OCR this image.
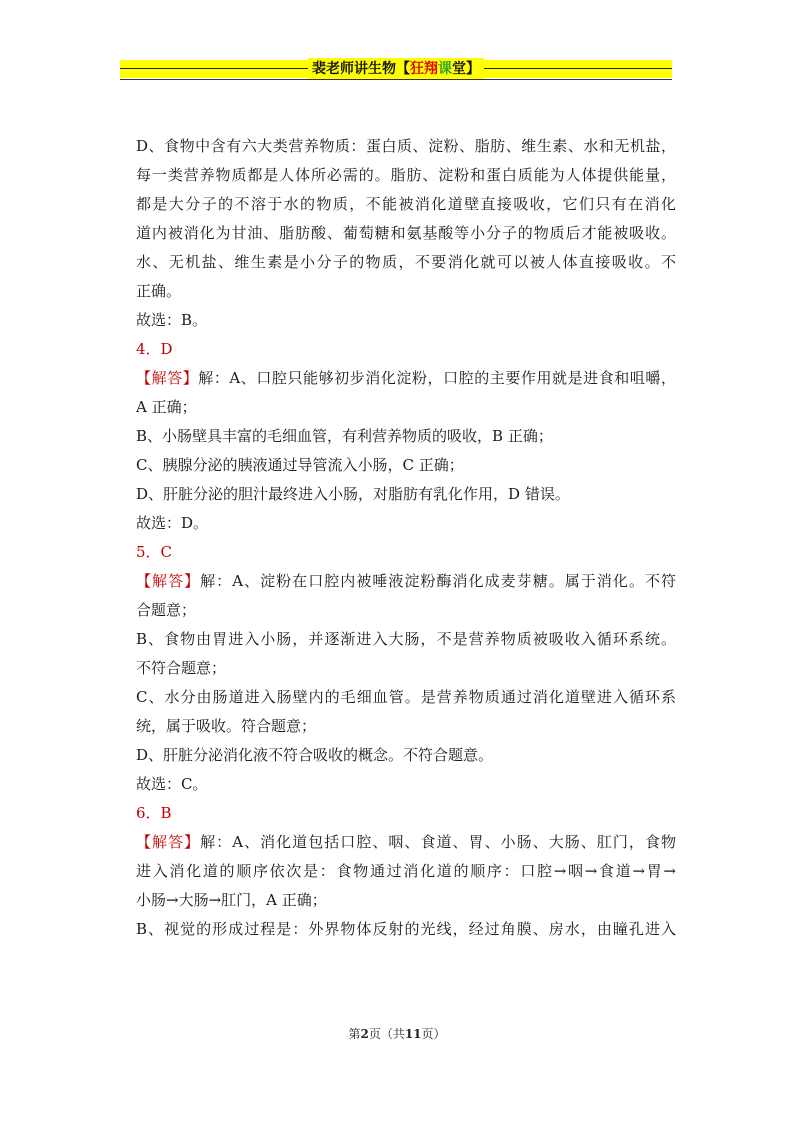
裴老师讲生物【狂翔课堂】
D、食物中含有六大类营养物质：蛋白质、淀粉、脂肪、维生素、水和无机盐，
每一类营养物质都是人体所必需的。脂肪、淀粉和蛋白质能为人体提供能量，
都是大分子的不溶于水的物质，不能被消化道壁直接吸收，它们只有在消化
道内被消化为甘油、脂肪酸、葡萄糖和氨基酸等小分子的物质后才能被吸收。
水、无机盐、维生素是小分子的物质，不要消化就可以被人体直接吸收。不
正确。
故选：B。
4．D
【解答】解：A、口腔只能够初步消化淀粉，口腔的主要作用就是进食和咀嚼，
A 正确；
B、小肠壁具丰富的毛细血管，有利营养物质的吸收，B 正确；
C、胰腺分泌的胰液通过导管流入小肠，C 正确；
D、肝脏分泌的胆汁最终进入小肠，对脂肪有乳化作用，D 错误。
故选：D。
5．C
【解答】解：A、淀粉在口腔内被唾液淀粉酶消化成麦芽糖。属于消化。不符
合题意；
B、食物由胃进入小肠，并逐渐进入大肠，不是营养物质被吸收入循环系统。
不符合题意；
C、水分由肠道进入肠壁内的毛细血管。是营养物质通过消化道壁进入循环系
统，属于吸收。符合题意；
D、肝脏分泌消化液不符合吸收的概念。不符合题意。
故选：C。
6．B
【解答】解：A、消化道包括口腔、咽、食道、胃、小肠、大肠、肛门，食物
进入消化道的顺序依次是：食物通过消化道的顺序：口腔→咽→食道→胃→
小肠→大肠→肛门，A 正确；
B、视觉的形成过程是：外界物体反射的光线，经过角膜、房水，由瞳孔进入
第2页（共11页）
